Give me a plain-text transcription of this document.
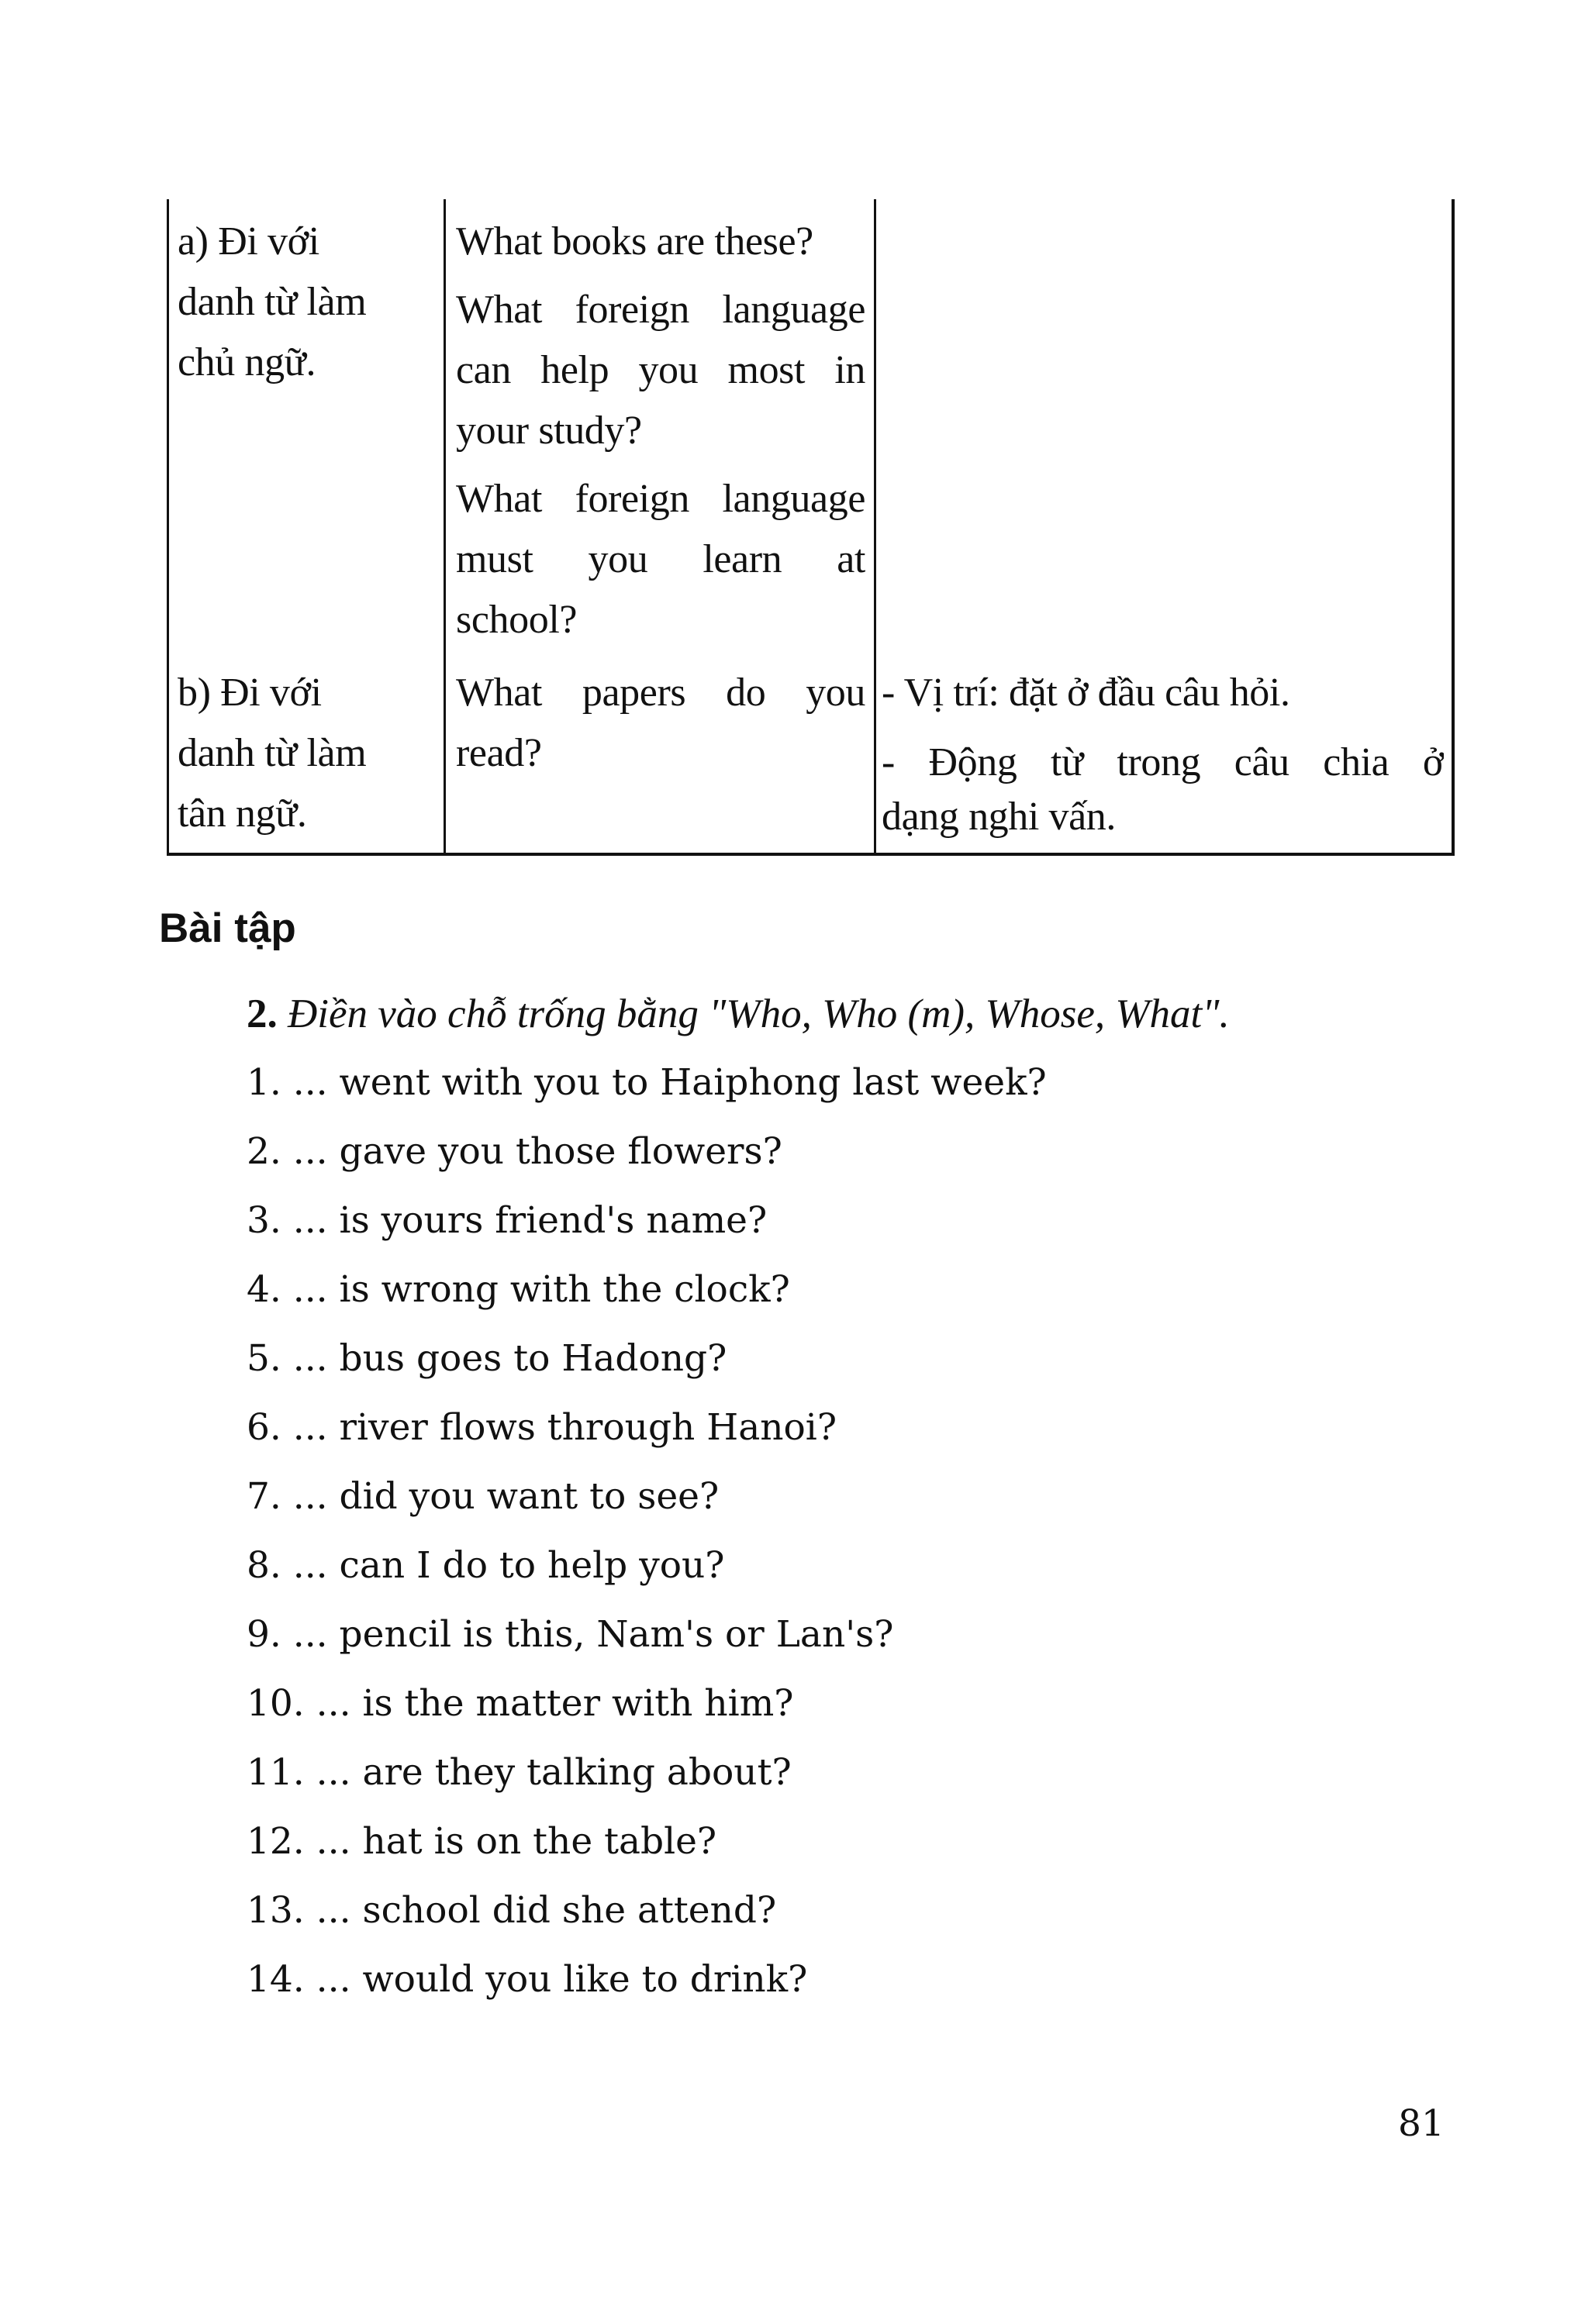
a) Đi với
danh từ làm
chủ ngữ.
What books are these?
What foreign language
can help you most in
your study?
What foreign language
must you learn at
school?
b) Đi với
danh từ làm
tân ngữ.
What papers do you
read?
- Vị trí: đặt ở đầu câu hỏi.
- Động từ trong câu chia ở
dạng nghi vấn.
Bài tập
2. Điền vào chỗ trống bằng "Who, Who (m), Whose, What".
1. ... went with you to Haiphong last week?
2. ... gave you those flowers?
3. ... is yours friend's name?
4. ... is wrong with the clock?
5. ... bus goes to Hadong?
6. ... river flows through Hanoi?
7. ... did you want to see?
8. ... can I do to help you?
9. ... pencil is this, Nam's or Lan's?
10. ... is the matter with him?
11. ... are they talking about?
12. ... hat is on the table?
13. ... school did she attend?
14. ... would you like to drink?
81
